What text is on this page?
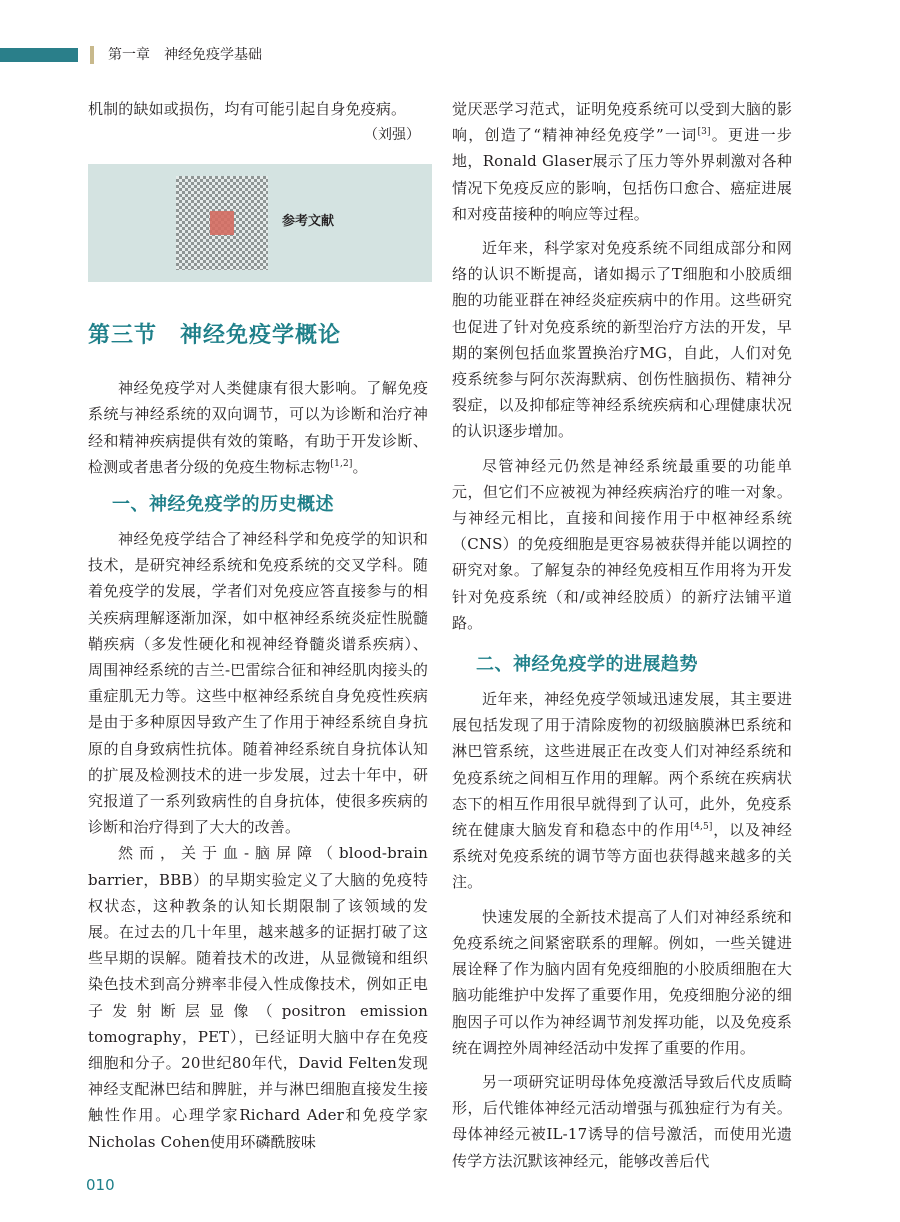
第一章　神经免疫学基础

机制的缺如或损伤，均有可能引起自身免疫病。

（刘强）

参考文献
第三节　神经免疫学概论

神经免疫学对人类健康有很大影响。了解免疫系统与神经系统的双向调节，可以为诊断和治疗神经和精神疾病提供有效的策略，有助于开发诊断、检测或者患者分级的免疫生物标志物[1,2]。

一、神经免疫学的历史概述

神经免疫学结合了神经科学和免疫学的知识和技术，是研究神经系统和免疫系统的交叉学科。随着免疫学的发展，学者们对免疫应答直接参与的相关疾病理解逐渐加深，如中枢神经系统炎症性脱髓鞘疾病（多发性硬化和视神经脊髓炎谱系疾病）、周围神经系统的吉兰-巴雷综合征和神经肌肉接头的重症肌无力等。这些中枢神经系统自身免疫性疾病是由于多种原因导致产生了作用于神经系统自身抗原的自身致病性抗体。随着神经系统自身抗体认知的扩展及检测技术的进一步发展，过去十年中，研究报道了一系列致病性的自身抗体，使很多疾病的诊断和治疗得到了大大的改善。

然而，关于血-脑屏障（blood-brain barrier，BBB）的早期实验定义了大脑的免疫特权状态，这种教条的认知长期限制了该领域的发展。在过去的几十年里，越来越多的证据打破了这些早期的误解。随着技术的改进，从显微镜和组织染色技术到高分辨率非侵入性成像技术，例如正电子发射断层显像（positron emission tomography，PET），已经证明大脑中存在免疫细胞和分子。20世纪80年代，David Felten发现神经支配淋巴结和脾脏，并与淋巴细胞直接发生接触性作用。心理学家Richard Ader和免疫学家Nicholas Cohen使用环磷酰胺味

觉厌恶学习范式，证明免疫系统可以受到大脑的影响，创造了“精神神经免疫学”一词[3]。更进一步地，Ronald Glaser展示了压力等外界刺激对各种情况下免疫反应的影响，包括伤口愈合、癌症进展和对疫苗接种的响应等过程。

近年来，科学家对免疫系统不同组成部分和网络的认识不断提高，诸如揭示了T细胞和小胶质细胞的功能亚群在神经炎症疾病中的作用。这些研究也促进了针对免疫系统的新型治疗方法的开发，早期的案例包括血浆置换治疗MG，自此，人们对免疫系统参与阿尔茨海默病、创伤性脑损伤、精神分裂症，以及抑郁症等神经系统疾病和心理健康状况的认识逐步增加。

尽管神经元仍然是神经系统最重要的功能单元，但它们不应被视为神经疾病治疗的唯一对象。与神经元相比，直接和间接作用于中枢神经系统（CNS）的免疫细胞是更容易被获得并能以调控的研究对象。了解复杂的神经免疫相互作用将为开发针对免疫系统（和/或神经胶质）的新疗法铺平道路。

二、神经免疫学的进展趋势

近年来，神经免疫学领域迅速发展，其主要进展包括发现了用于清除废物的初级脑膜淋巴系统和淋巴管系统，这些进展正在改变人们对神经系统和免疫系统之间相互作用的理解。两个系统在疾病状态下的相互作用很早就得到了认可，此外，免疫系统在健康大脑发育和稳态中的作用[4,5]，以及神经系统对免疫系统的调节等方面也获得越来越多的关注。

快速发展的全新技术提高了人们对神经系统和免疫系统之间紧密联系的理解。例如，一些关键进展诠释了作为脑内固有免疫细胞的小胶质细胞在大脑功能维护中发挥了重要作用，免疫细胞分泌的细胞因子可以作为神经调节剂发挥功能，以及免疫系统在调控外周神经活动中发挥了重要的作用。

另一项研究证明母体免疫激活导致后代皮质畸形，后代锥体神经元活动增强与孤独症行为有关。母体神经元被IL-17诱导的信号激活，而使用光遗传学方法沉默该神经元，能够改善后代

010
